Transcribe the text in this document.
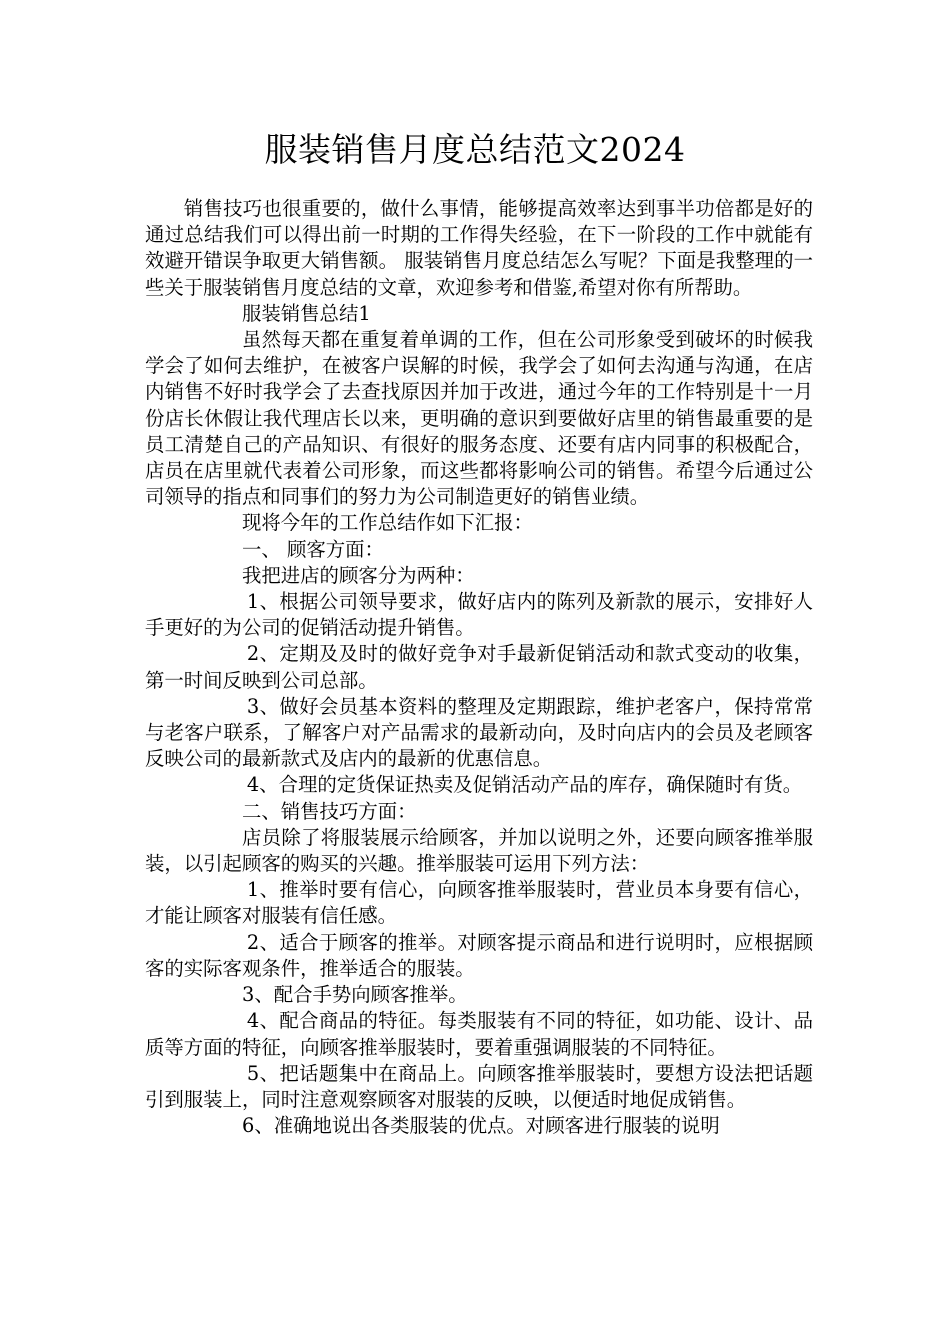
服装销售月度总结范文2024

销售技巧也很重要的，做什么事情，能够提高效率达到事半功倍都是好的 通过总结我们可以得出前一时期的工作得失经验，在下一阶段的工作中就能有效避开错误争取更大销售额。 服装销售月度总结怎么写呢？下面是我整理的一些关于服装销售月度总结的文章，欢迎参考和借鉴,希望对你有所帮助。

服装销售总结1

虽然每天都在重复着单调的工作，但在公司形象受到破坏的时候我学会了如何去维护，在被客户误解的时候，我学会了如何去沟通与沟通，在店内销售不好时我学会了去查找原因并加于改进，通过今年的工作特别是十一月份店长休假让我代理店长以来，更明确的意识到要做好店里的销售最重要的是员工清楚自己的产品知识、有很好的服务态度、还要有店内同事的积极配合，店员在店里就代表着公司形象，而这些都将影响公司的销售。希望今后通过公司领导的指点和同事们的努力为公司制造更好的销售业绩。

现将今年的工作总结作如下汇报：

一、 顾客方面：

我把进店的顾客分为两种：

1、根据公司领导要求，做好店内的陈列及新款的展示，安排好人手更好的为公司的促销活动提升销售。

2、定期及及时的做好竞争对手最新促销活动和款式变动的收集，第一时间反映到公司总部。

3、做好会员基本资料的整理及定期跟踪，维护老客户，保持常常与老客户联系，了解客户对产品需求的最新动向，及时向店内的会员及老顾客反映公司的最新款式及店内的最新的优惠信息。

4、合理的定货保证热卖及促销活动产品的库存，确保随时有货。

二、销售技巧方面：

店员除了将服装展示给顾客，并加以说明之外，还要向顾客推举服装，以引起顾客的购买的兴趣。推举服装可运用下列方法：

1、推举时要有信心，向顾客推举服装时，营业员本身要有信心，才能让顾客对服装有信任感。

2、适合于顾客的推举。对顾客提示商品和进行说明时，应根据顾客的实际客观条件，推举适合的服装。

3、配合手势向顾客推举。

4、配合商品的特征。每类服装有不同的特征，如功能、设计、品质等方面的特征，向顾客推举服装时，要着重强调服装的不同特征。

5、把话题集中在商品上。向顾客推举服装时，要想方设法把话题引到服装上，同时注意观察顾客对服装的反映，以便适时地促成销售。

6、准确地说出各类服装的优点。对顾客进行服装的说明
